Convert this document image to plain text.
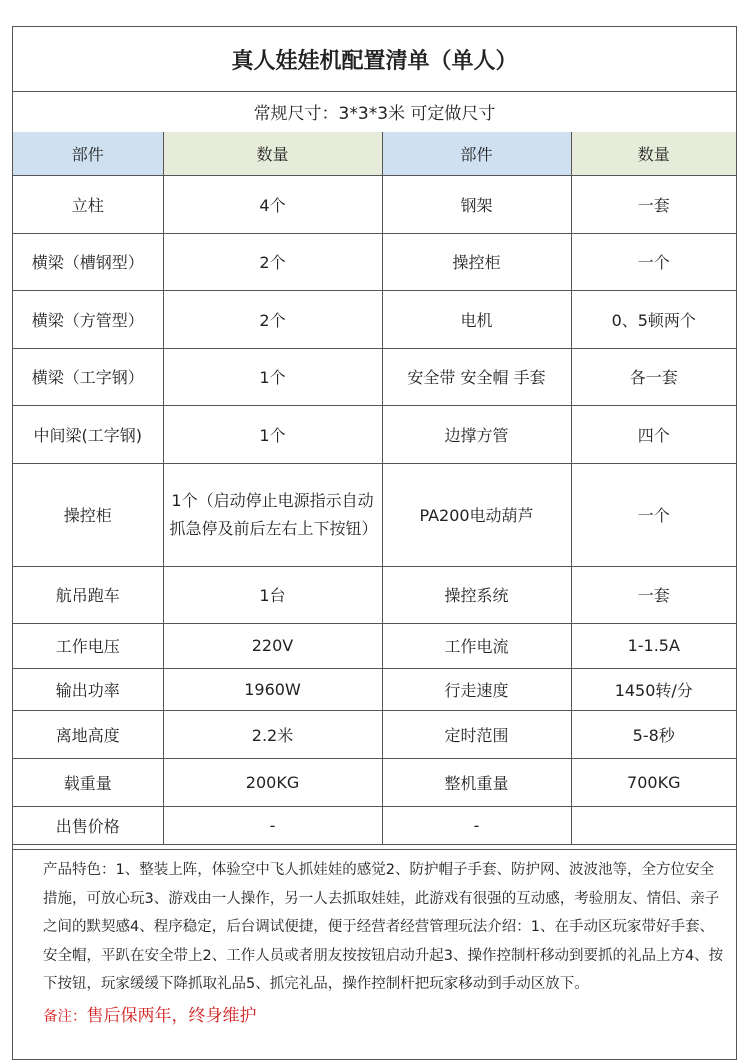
真人娃娃机配置清单（单人）
常规尺寸：3*3*3米 可定做尺寸
部件	数量	部件	数量
立柱	4个	钢架	一套
横梁（槽钢型）	2个	操控柜	一个
横梁（方管型）	2个	电机	0、5顿两个
横梁（工字钢）	1个	安全带 安全帽 手套	各一套
中间梁(工字钢)	1个	边撑方管	四个
操控柜	1个（启动停止电源指示自动抓急停及前后左右上下按钮）	PA200电动葫芦	一个
航吊跑车	1台	操控系统	一套
工作电压	220V	工作电流	1-1.5A
输出功率	1960W	行走速度	1450转/分
离地高度	2.2米	定时范围	5-8秒
载重量	200KG	整机重量	700KG
出售价格	-	-	

产品特色：1、整装上阵，体验空中飞人抓娃娃的感觉2、防护帽子手套、防护网、波波池等，全方位安全措施，可放心玩3、游戏由一人操作，另一人去抓取娃娃，此游戏有很强的互动感，考验朋友、情侣、亲子之间的默契感4、程序稳定，后台调试便捷，便于经营者经营管理玩法介绍：1、在手动区玩家带好手套、安全帽，平趴在安全带上2、工作人员或者朋友按按钮启动升起3、操作控制杆移动到要抓的礼品上方4、按下按钮，玩家缓缓下降抓取礼品5、抓完礼品，操作控制杆把玩家移动到手动区放下。

备注：售后保两年，终身维护
